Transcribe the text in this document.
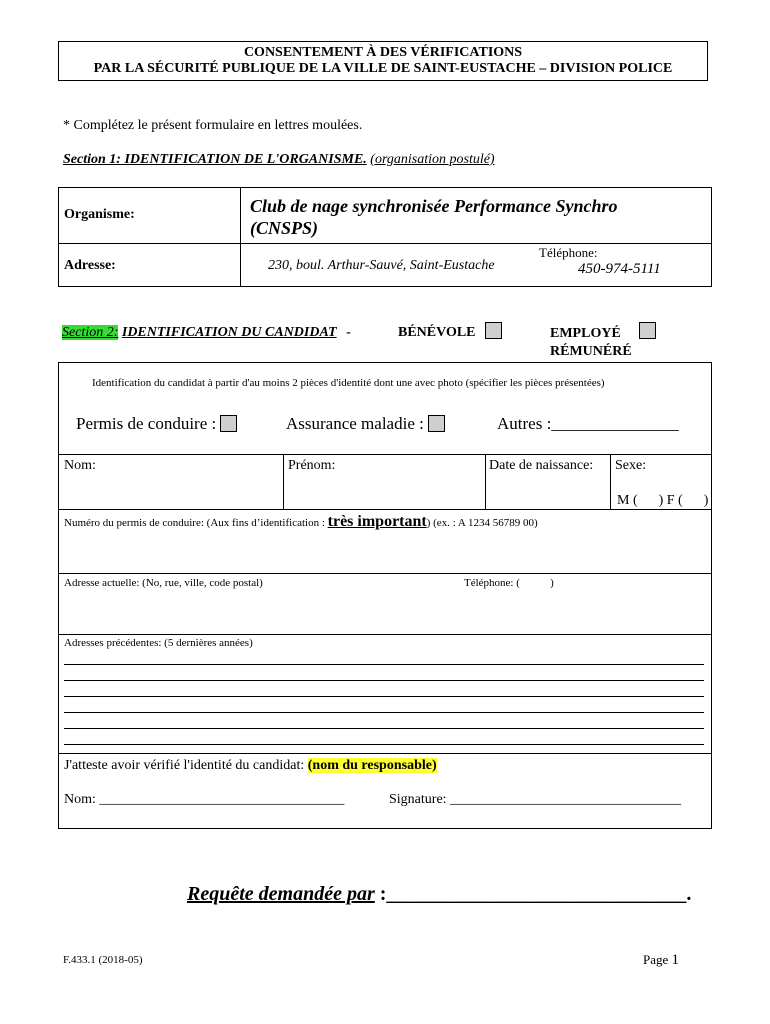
CONSENTEMENT À DES VÉRIFICATIONS
PAR LA SÉCURITÉ PUBLIQUE DE LA VILLE DE SAINT-EUSTACHE – DIVISION POLICE
* Complétez le présent formulaire en lettres moulées.
Section 1: IDENTIFICATION DE L'ORGANISME. (organisation postulé)
Organisme:	Club de nage synchronisée Performance Synchro
(CNSPS)
Adresse:	230, boul. Arthur-Sauvé, Saint-Eustache
Téléphone:
450-974-5111
Section 2: IDENTIFICATION DU CANDIDAT -	BÉNÉVOLE	EMPLOYÉ
RÉMUNÉRÉ
Identification du candidat à partir d'au moins 2 pièces d'identité dont une avec photo (spécifier les pièces présentées)
Permis de conduire :	Assurance maladie :	Autres :_______________
Nom:	Prénom:	Date de naissance: Sexe:
M (      ) F (      )
Numéro du permis de conduire: (Aux fins d’identification : très important) (ex. : A 1234 56789 00)
Adresse actuelle: (No, rue, ville, code postal)	Téléphone: (           )
Adresses précédentes: (5 dernières années)
J'atteste avoir vérifié l'identité du candidat: (nom du responsable)
Nom: ___________________________________	Signature: _________________________________
Requête demandée par :______________________________.
F.433.1 (2018-05)	Page 1
